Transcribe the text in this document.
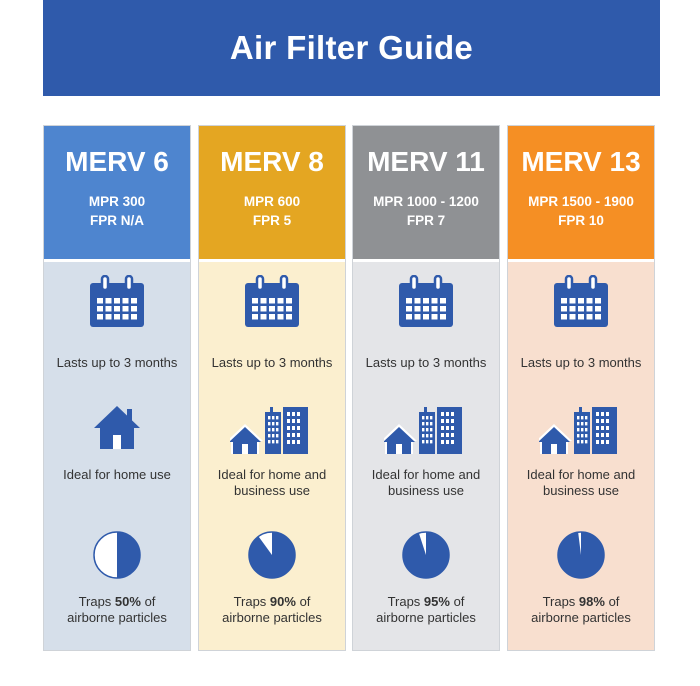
Air Filter Guide
MERV 6
MPR 300
FPR N/A
Lasts up to 3 months
Ideal for home use
Traps 50% of
airborne particles
MERV 8
MPR 600
FPR 5
Lasts up to 3 months
Ideal for home and
business use
Traps 90% of
airborne particles
MERV 11
MPR 1000 - 1200
FPR 7
Lasts up to 3 months
Ideal for home and
business use
Traps 95% of
airborne particles
MERV 13
MPR 1500 - 1900
FPR 10
Lasts up to 3 months
Ideal for home and
business use
Traps 98% of
airborne particles
